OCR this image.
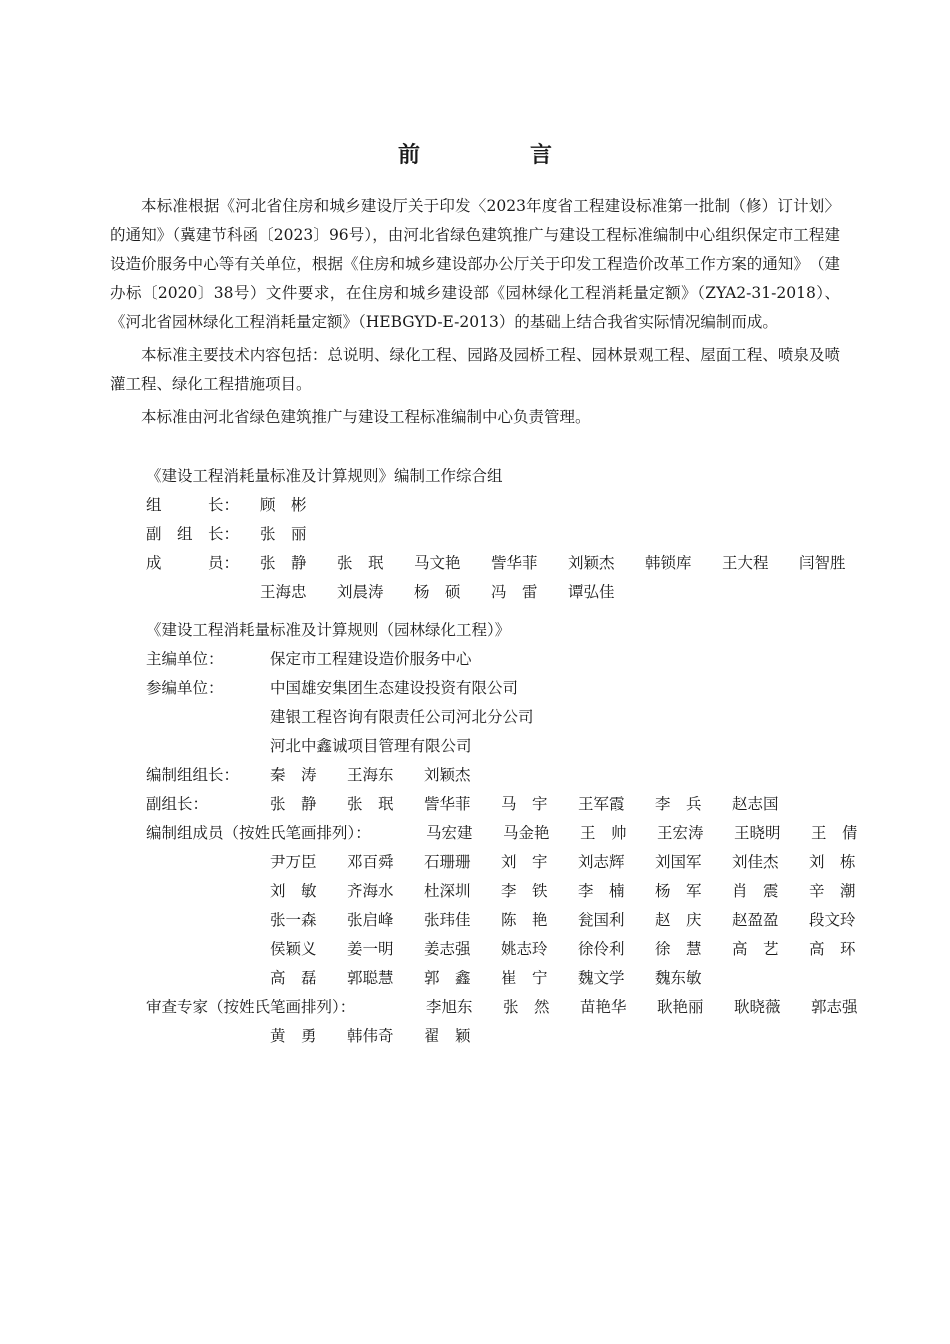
前　言

本标准根据《河北省住房和城乡建设厅关于印发〈2023年度省工程建设标准第一批制（修）订计划〉的通知》（冀建节科函〔2023〕96号），由河北省绿色建筑推广与建设工程标准编制中心组织保定市工程建设造价服务中心等有关单位，根据《住房和城乡建设部办公厅关于印发工程造价改革工作方案的通知》　（建办标〔2020〕38号）文件要求，在住房和城乡建设部《园林绿化工程消耗量定额》（ZYA2-31-2018）、《河北省园林绿化工程消耗量定额》（HEBGYD-E-2013）的基础上结合我省实际情况编制而成。

本标准主要技术内容包括：总说明、绿化工程、园路及园桥工程、园林景观工程、屋面工程、喷泉及喷灌工程、绿化工程措施项目。

本标准由河北省绿色建筑推广与建设工程标准编制中心负责管理。

《建设工程消耗量标准及计算规则》编制工作综合组
组　　　长： 顾　彬
副　组　长： 张　丽
成　　　员： 张　静 张　珉 马文艳 訾华菲 刘颖杰 韩锁库 王大程 闫智胜
王海忠 刘晨涛 杨　硕 冯　雷 谭弘佳
《建设工程消耗量标准及计算规则（园林绿化工程）》
主编单位：	保定市工程建设造价服务中心
参编单位：	中国雄安集团生态建设投资有限公司
建银工程咨询有限责任公司河北分公司
河北中鑫诚项目管理有限公司
编制组组长： 秦　涛 王海东 刘颖杰
副组长：	张　静 张　珉 訾华菲 马　宇 王军霞 李　兵 赵志国
编制组成员（按姓氏笔画排列）：	马宏建 马金艳 王　帅 王宏涛 王晓明 王　倩
尹万臣 邓百舜 石珊珊 刘　宇 刘志辉 刘国军 刘佳杰 刘　栋
刘　敏 齐海水 杜深圳 李　铁 李　楠 杨　军 肖　震 辛　潮
张一森 张启峰 张玮佳 陈　艳 瓮国利 赵　庆 赵盈盈 段文玲
侯颖义 姜一明 姜志强 姚志玲 徐伶利 徐　慧 高　艺 高　环
高　磊 郭聪慧 郭　鑫 崔　宁 魏文学 魏东敏
审查专家（按姓氏笔画排列）：	李旭东 张　然 苗艳华 耿艳丽 耿晓薇 郭志强
黄　勇 韩伟奇 翟　颖
